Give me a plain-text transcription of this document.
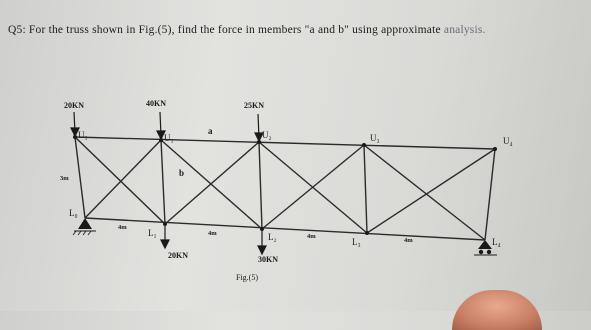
Q5: For the truss shown in Fig.(5), find the force in members "a and b" using approximate analysis.
20KN	40KN	25KN
20KN	30KN
U₁	U₁	U₂	U₃	U₄
L₀
L₁	L₂	L₃	L₄
3m
4m
4m	4m
4m
a
b
Fig.(5)
